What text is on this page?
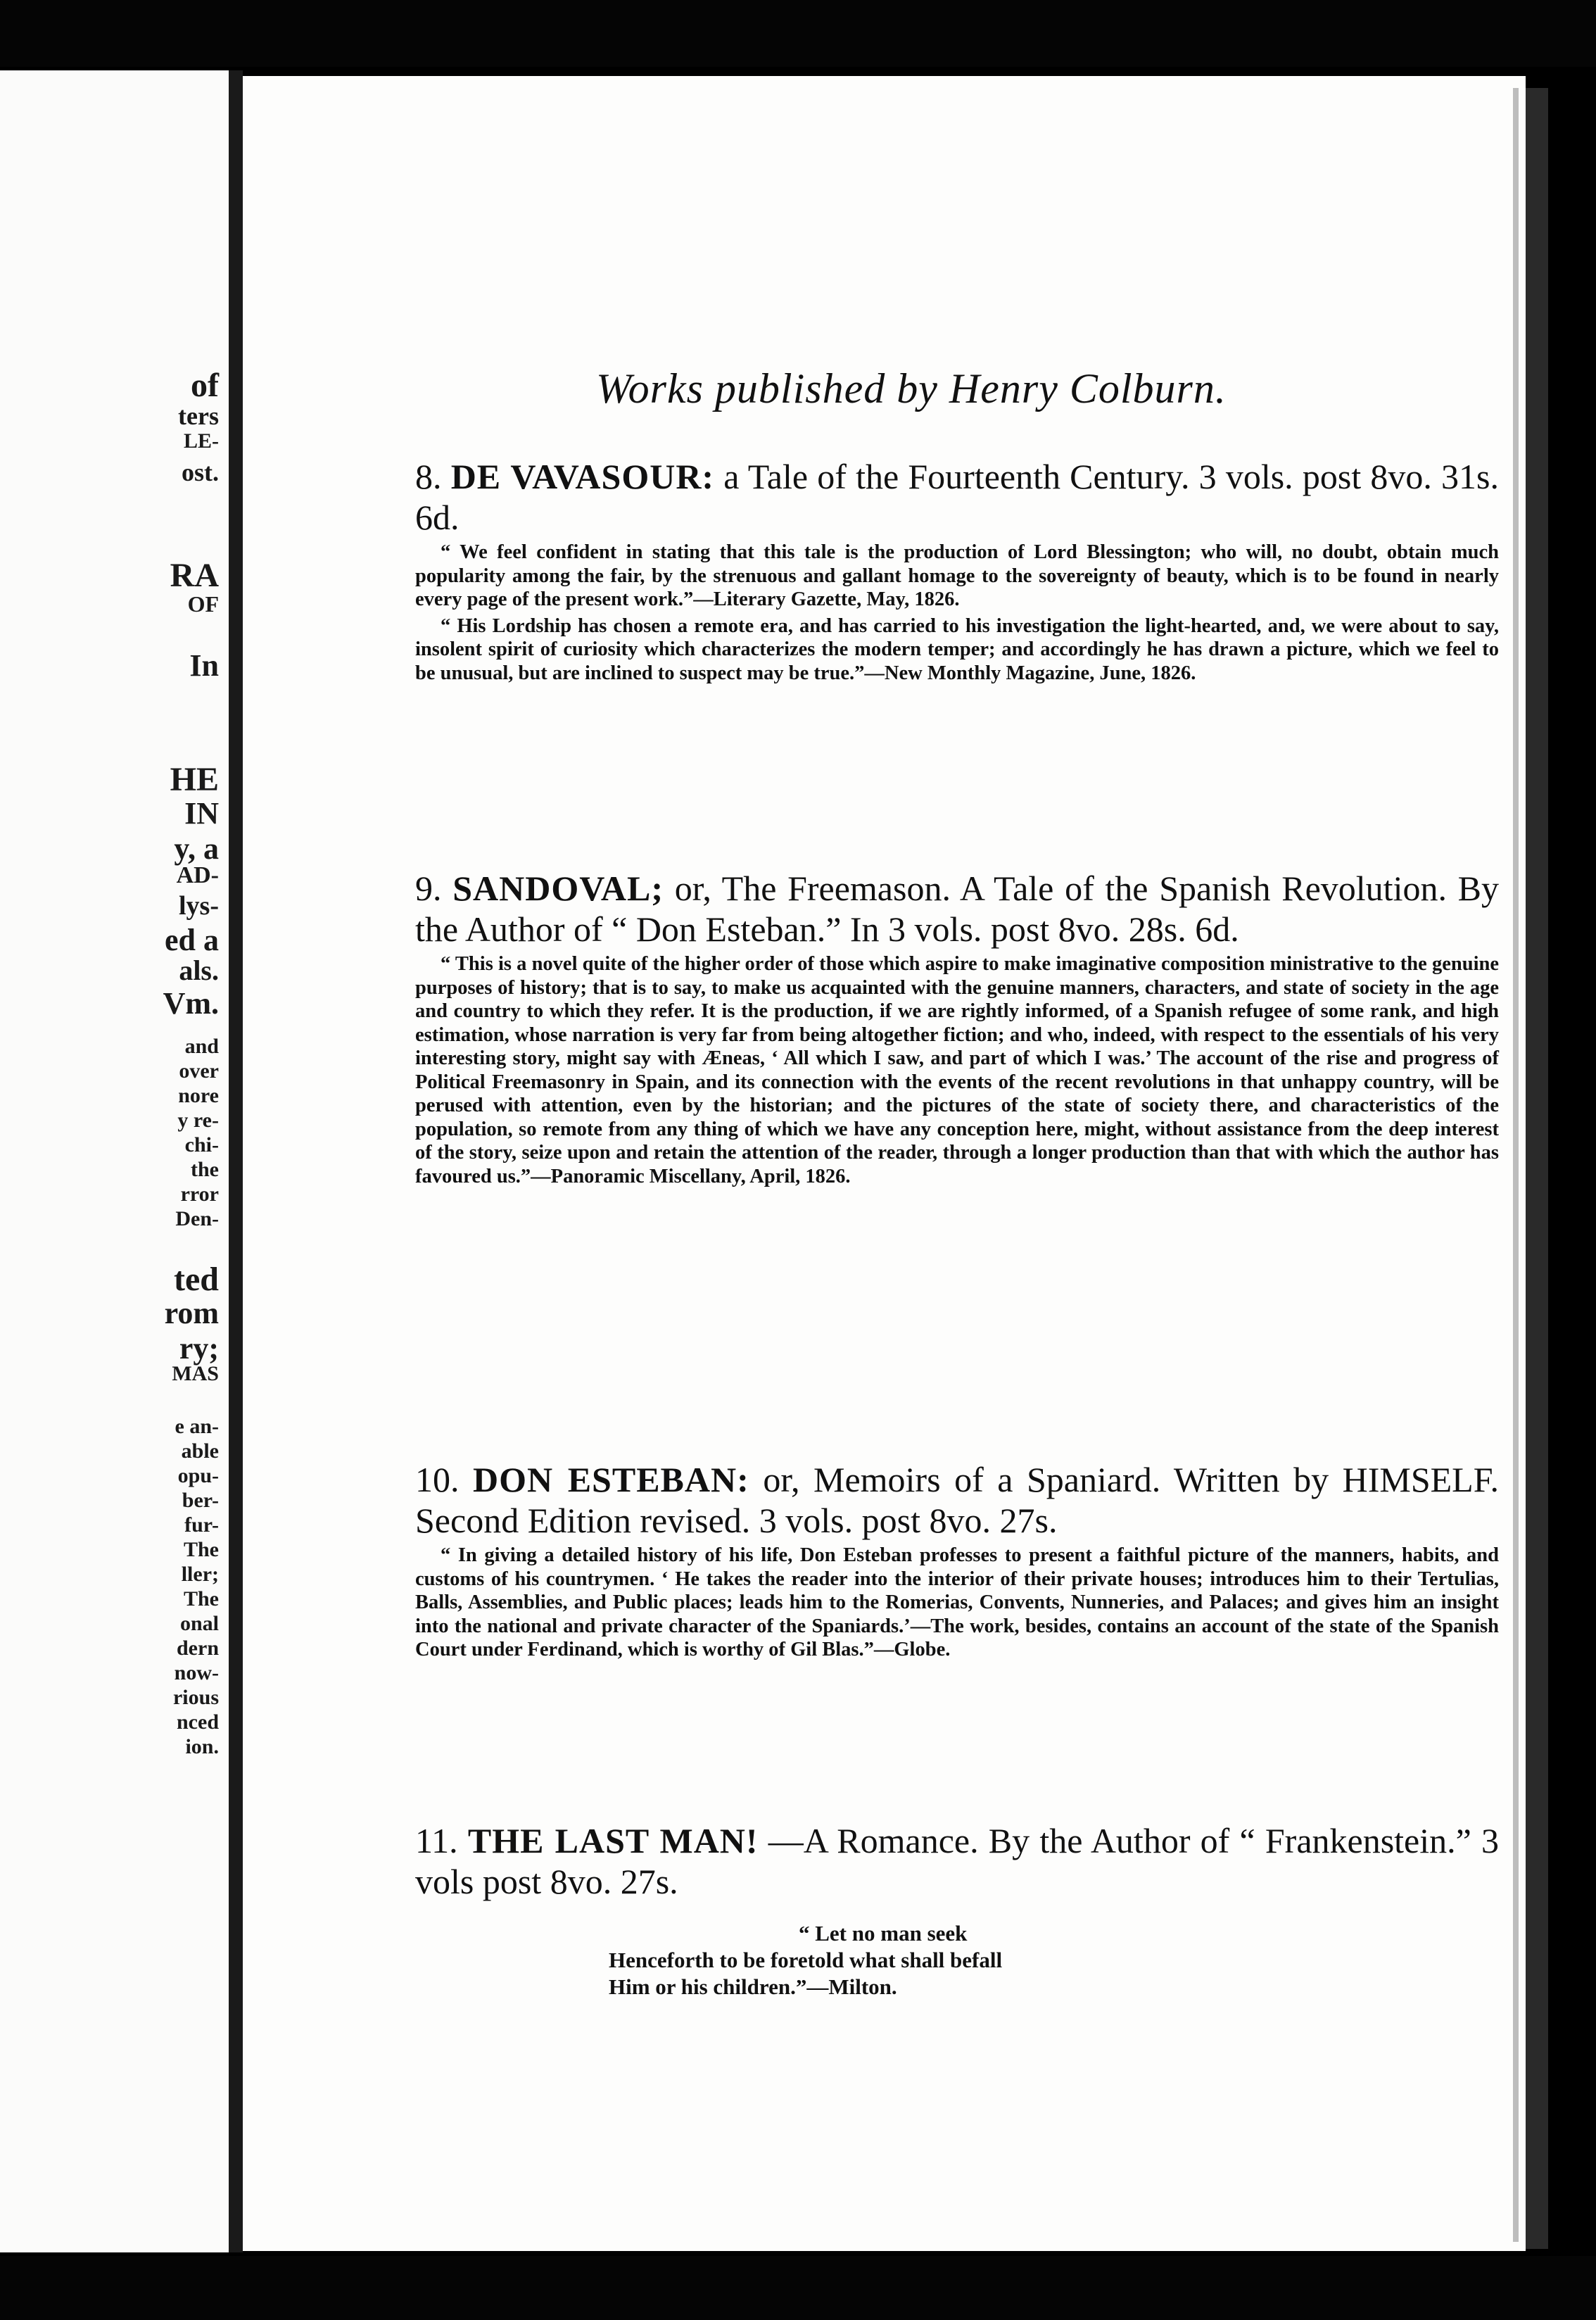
of
ters
LE-
ost.
RA
OF
In
HE
IN
y, a
AD-
lys-
ed a
als.
Vm.
and
over
nore
y re-
chi-
the
rror
Den-
ted
rom
ry;
MAS
e an-
able
opu-
ber-
fur-
The
ller;
The
onal
dern
now-
rious
nced
ion.
Works published by Henry Colburn.

8. DE VAVASOUR: a Tale of the Fourteenth Century. 3 vols. post 8vo. 31s. 6d.

“ We feel confident in stating that this tale is the production of Lord Blessington; who will, no doubt, obtain much popularity among the fair, by the strenuous and gallant homage to the sovereignty of beauty, which is to be found in nearly every page of the present work.”—Literary Gazette, May, 1826.

“ His Lordship has chosen a remote era, and has carried to his investigation the light-hearted, and, we were about to say, insolent spirit of curiosity which characterizes the modern temper; and accordingly he has drawn a picture, which we feel to be unusual, but are inclined to suspect may be true.”—New Monthly Magazine, June, 1826.

9. SANDOVAL; or, The Freemason. A Tale of the Spanish Revolution. By the Author of “ Don Esteban.” In 3 vols. post 8vo. 28s. 6d.

“ This is a novel quite of the higher order of those which aspire to make imaginative composition ministrative to the genuine purposes of history; that is to say, to make us acquainted with the genuine manners, characters, and state of society in the age and country to which they refer. It is the production, if we are rightly informed, of a Spanish refugee of some rank, and high estimation, whose narration is very far from being altogether fiction; and who, indeed, with respect to the essentials of his very interesting story, might say with Æneas, ‘ All which I saw, and part of which I was.’ The account of the rise and progress of Political Freemasonry in Spain, and its connection with the events of the recent revolutions in that unhappy country, will be perused with attention, even by the historian; and the pictures of the state of society there, and characteristics of the population, so remote from any thing of which we have any conception here, might, without assistance from the deep interest of the story, seize upon and retain the attention of the reader, through a longer production than that with which the author has favoured us.”—Panoramic Miscellany, April, 1826.

10. DON ESTEBAN: or, Memoirs of a Spaniard. Written by HIMSELF. Second Edition revised. 3 vols. post 8vo. 27s.

“ In giving a detailed history of his life, Don Esteban professes to present a faithful picture of the manners, habits, and customs of his countrymen. ‘ He takes the reader into the interior of their private houses; introduces him to their Tertulias, Balls, Assemblies, and Public places; leads him to the Romerias, Convents, Nunneries, and Palaces; and gives him an insight into the national and private character of the Spaniards.’—The work, besides, contains an account of the state of the Spanish Court under Ferdinand, which is worthy of Gil Blas.”—Globe.

11. THE LAST MAN! —A Romance. By the Author of “ Frankenstein.” 3 vols post 8vo. 27s.

“ Let no man seek
Henceforth to be foretold what shall befall
Him or his children.”—Milton.
